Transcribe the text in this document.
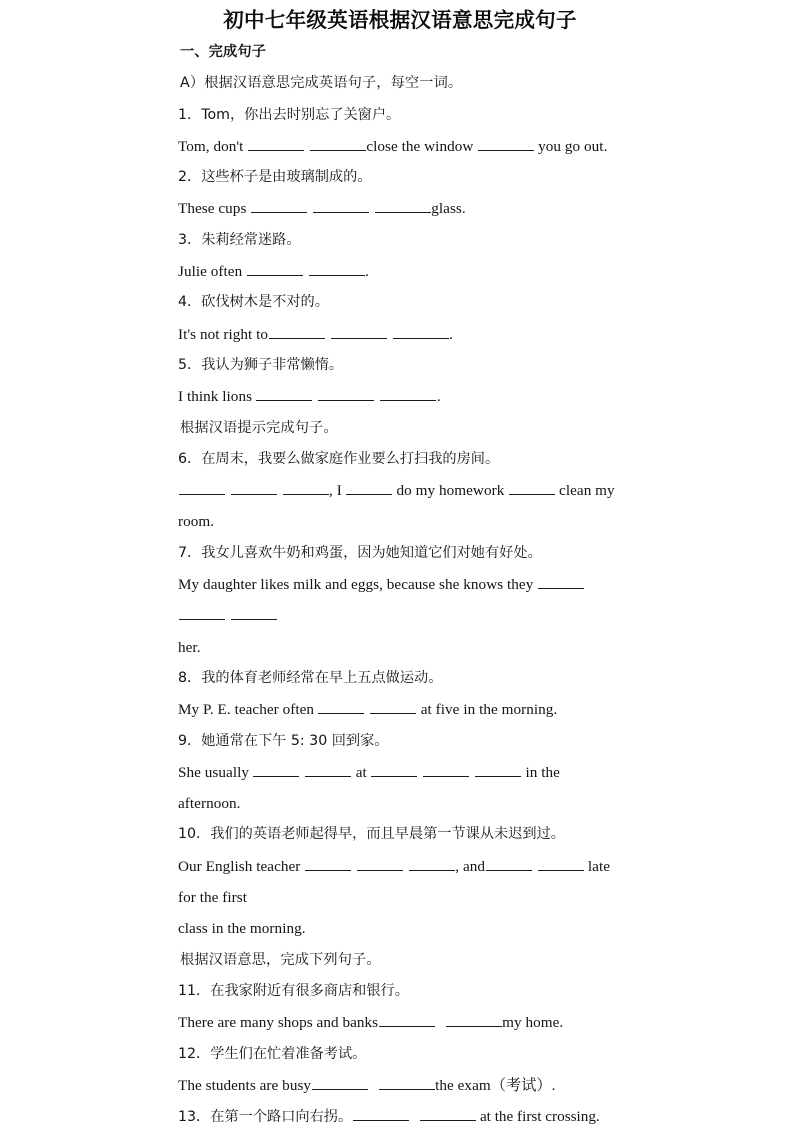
初中七年级英语根据汉语意思完成句子
一、完成句子
A）根据汉语意思完成英语句子，每空一词。
1．Tom，你出去时别忘了关窗户。
Tom, don't	close the window	you go out.
2．这些杯子是由玻璃制成的。
These cups	glass.
3．朱莉经常迷路。
Julie often	.
4．砍伐树木是不对的。
It's not right to	.
5．我认为狮子非常懒惰。
I think lions	.
根据汉语提示完成句子。
6．在周末，我要么做家庭作业要么打扫我的房间。
, I	do my homework	clean my room.
7．我女儿喜欢牛奶和鸡蛋，因为她知道它们对她有好处。
My daughter likes milk and eggs, because she knows they
her.
8．我的体育老师经常在早上五点做运动。
My P. E. teacher often	at five in the morning.
9．她通常在下午 5: 30 回到家。
She usually	at	in the afternoon.
10．我们的英语老师起得早，而且早晨第一节课从未迟到过。
Our English teacher	, and	late for the first
class in the morning.
根据汉语意思，完成下列句子。
11．在我家附近有很多商店和银行。
There are many shops and banks	my home.
12．学生们在忙着准备考试。
The students are busy	the exam（考试）.
13．在第一个路口向右拐。	at the first crossing.
